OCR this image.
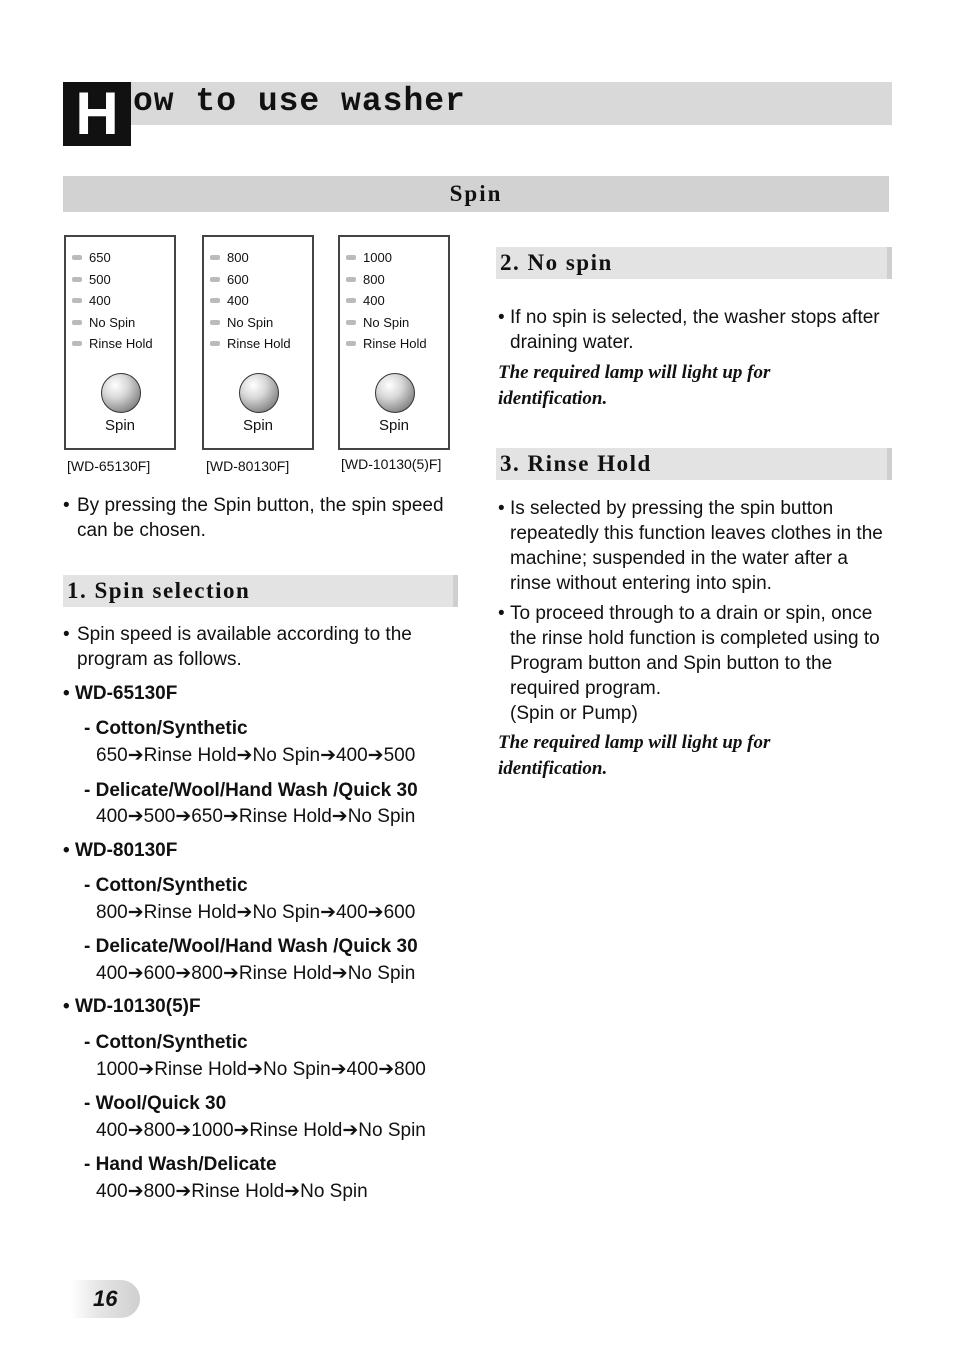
H ow to use washer
Spin
650
500
400
No Spin
Rinse Hold
Spin
[WD-65130F]
800
600
400
No Spin
Rinse Hold
Spin
[WD-80130F]
1000
800
400
No Spin
Rinse Hold
Spin
[WD-10130(5)F]
• By pressing the Spin button, the spin speed
can be chosen.
1. Spin selection
• Spin speed is available according to the
program as follows.
• WD-65130F
- Cotton/Synthetic
650➔Rinse Hold➔No Spin➔400➔500
- Delicate/Wool/Hand Wash /Quick 30
400➔500➔650➔Rinse Hold➔No Spin
• WD-80130F
- Cotton/Synthetic
800➔Rinse Hold➔No Spin➔400➔600
- Delicate/Wool/Hand Wash /Quick 30
400➔600➔800➔Rinse Hold➔No Spin
• WD-10130(5)F
- Cotton/Synthetic
1000➔Rinse Hold➔No Spin➔400➔800
- Wool/Quick 30
400➔800➔1000➔Rinse Hold➔No Spin
- Hand Wash/Delicate
400➔800➔Rinse Hold➔No Spin
2. No spin
• If no spin is selected, the washer stops after
draining water.
The required lamp will light up for
identification.
3. Rinse Hold
• Is selected by pressing the spin button
repeatedly this function leaves clothes in the
machine; suspended in the water after a
rinse without entering into spin.
• To proceed through to a drain or spin, once
the rinse hold function is completed using to
Program button and Spin button to the
required program.
(Spin or Pump)
The required lamp will light up for
identification.
16
